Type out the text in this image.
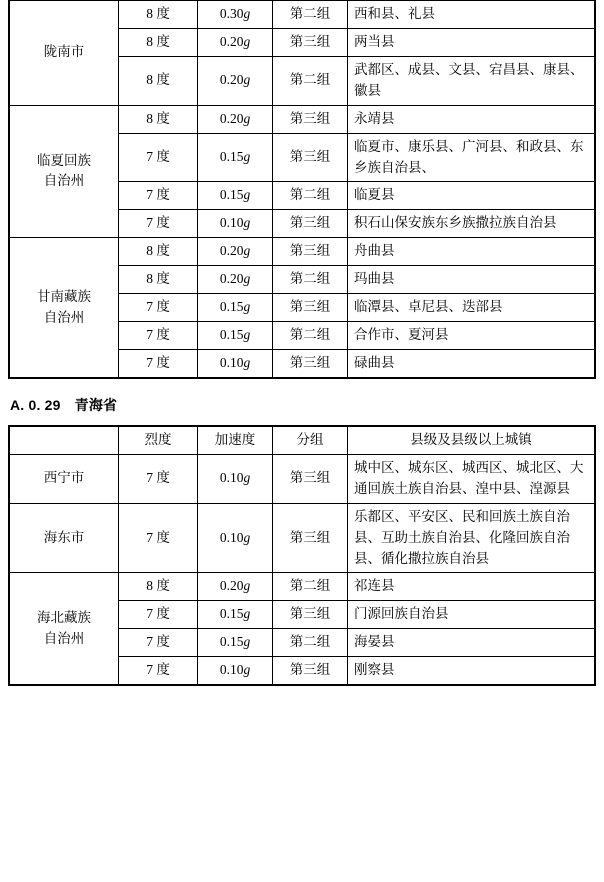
陇南市	8 度	0.30g	第二组	西和县、礼县
	8 度	0.20g	第三组	两当县
	8 度	0.20g	第二组	武都区、成县、文县、宕昌县、康县、徽县
临夏回族
自治州	8 度	0.20g	第三组	永靖县
	7 度	0.15g	第三组	临夏市、康乐县、广河县、和政县、东乡族自治县、
	7 度	0.15g	第二组	临夏县
	7 度	0.10g	第三组	积石山保安族东乡族撒拉族自治县
甘南藏族
自治州	8 度	0.20g	第三组	舟曲县
	8 度	0.20g	第二组	玛曲县
	7 度	0.15g	第三组	临潭县、卓尼县、迭部县
	7 度	0.15g	第二组	合作市、夏河县
	7 度	0.10g	第三组	碌曲县
A. 0. 29 青海省
	烈度	加速度	分组	县级及县级以上城镇
西宁市	7 度	0.10g	第三组	城中区、城东区、城西区、城北区、大通回族土族自治县、湟中县、湟源县
海东市	7 度	0.10g	第三组	乐都区、平安区、民和回族土族自治县、互助土族自治县、化隆回族自治县、循化撒拉族自治县
海北藏族
自治州	8 度	0.20g	第二组	祁连县
	7 度	0.15g	第三组	门源回族自治县
	7 度	0.15g	第二组	海晏县
	7 度	0.10g	第三组	刚察县
